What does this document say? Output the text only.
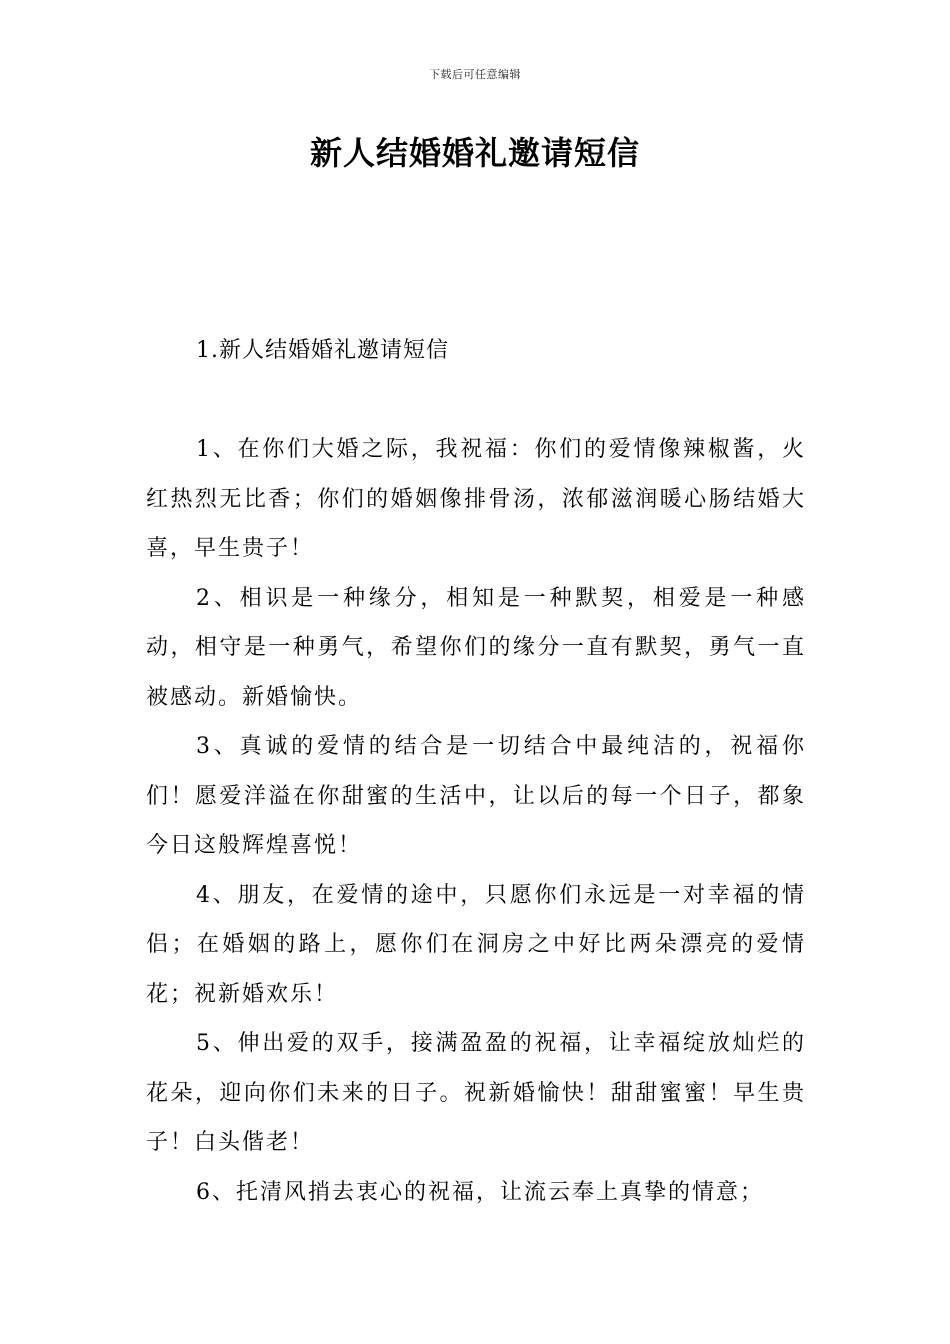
下载后可任意编辑
新人结婚婚礼邀请短信
1.新人结婚婚礼邀请短信

1、在你们大婚之际，我祝福：你们的爱情像辣椒酱，火红热烈无比香；你们的婚姻像排骨汤，浓郁滋润暖心肠结婚大喜，早生贵子！

2、相识是一种缘分，相知是一种默契，相爱是一种感动，相守是一种勇气，希望你们的缘分一直有默契，勇气一直被感动。新婚愉快。

3、真诚的爱情的结合是一切结合中最纯洁的，祝福你们！愿爱洋溢在你甜蜜的生活中，让以后的每一个日子，都象今日这般辉煌喜悦！

4、朋友，在爱情的途中，只愿你们永远是一对幸福的情侣；在婚姻的路上，愿你们在洞房之中好比两朵漂亮的爱情花；祝新婚欢乐！

5、伸出爱的双手，接满盈盈的祝福，让幸福绽放灿烂的花朵，迎向你们未来的日子。祝新婚愉快！甜甜蜜蜜！早生贵子！白头偕老！

6、托清风捎去衷心的祝福，让流云奉上真挚的情意；
